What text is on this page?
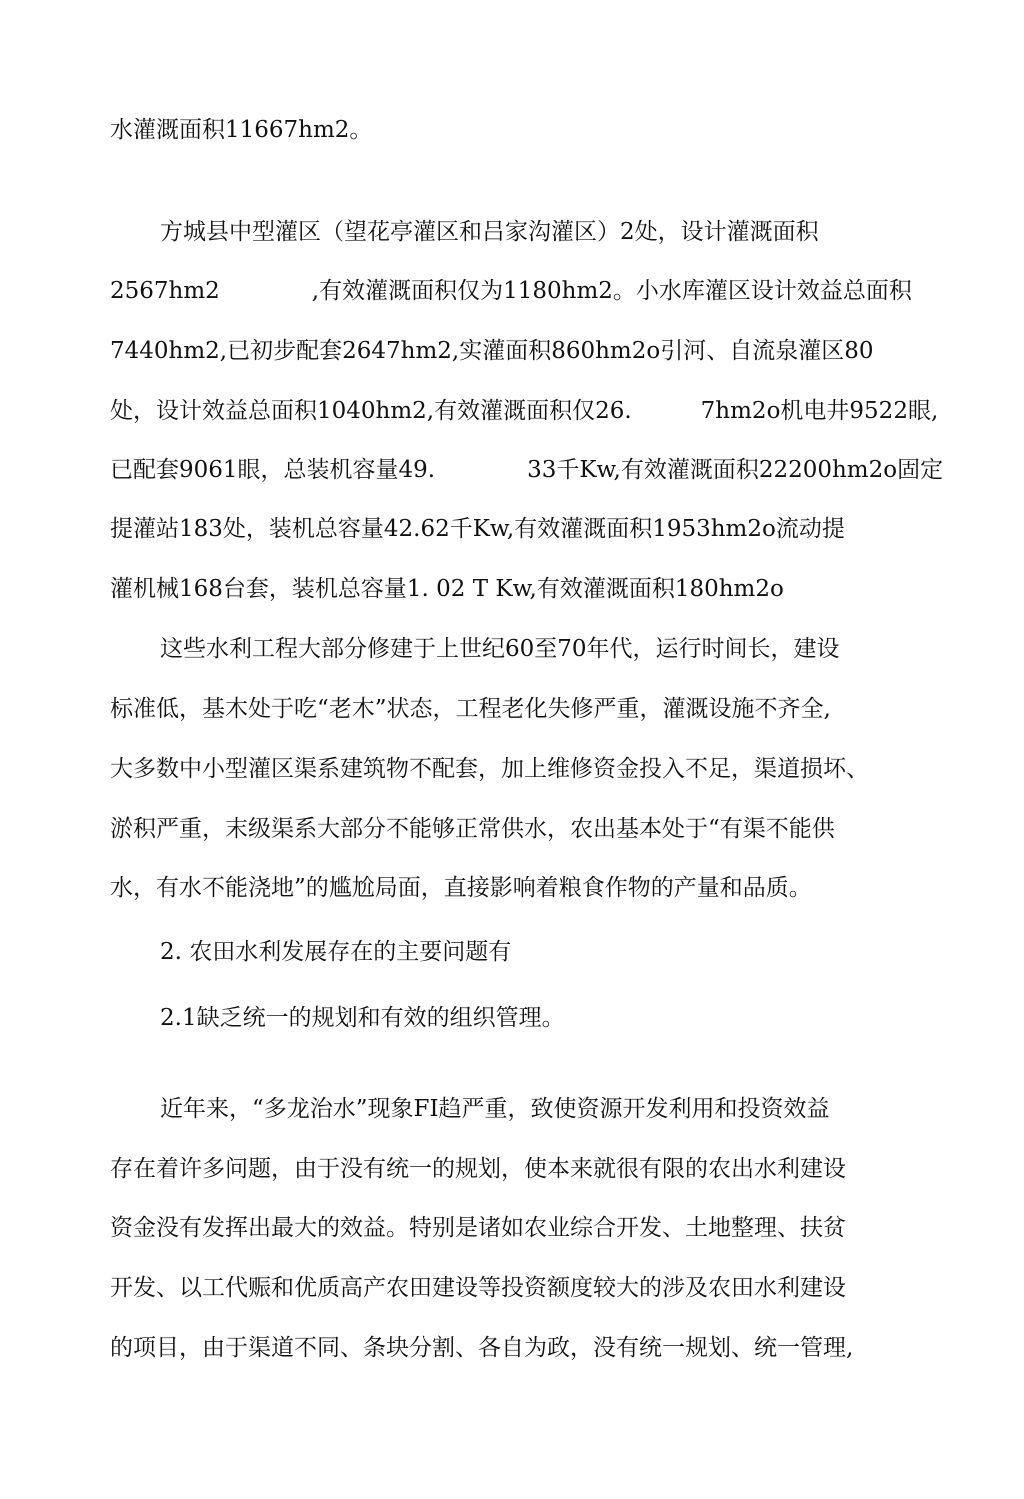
水灌溉面积11667hm2。
方城县中型灌区（望花亭灌区和吕家沟灌区）2处，设计灌溉面积
2567hm2　　　　,有效灌溉面积仅为1180hm2。小水库灌区设计效益总面积
7440hm2,已初步配套2647hm2,实灌面积860hm2o引河、自流泉灌区80
处，设计效益总面积1040hm2,有效灌溉面积仅26.　　　7hm2o机电井9522眼,
已配套9061眼，总装机容量49.　　　　33千Kw,有效灌溉面积22200hm2o固定
提灌站183处，装机总容量42.62千Kw,有效灌溉面积1953hm2o流动提
灌机械168台套，装机总容量1. 02 T Kw,有效灌溉面积180hm2o
这些水利工程大部分修建于上世纪60至70年代，运行时间长，建设
标准低，基木处于吃“老木”状态，工程老化失修严重，灌溉设施不齐全,
大多数中小型灌区渠系建筑物不配套，加上维修资金投入不足，渠道损坏、
淤积严重，末级渠系大部分不能够正常供水，农出基本处于“有渠不能供
水，有水不能浇地”的尴尬局面，直接影响着粮食作物的产量和品质。
2. 农田水利发展存在的主要问题有
2.1缺乏统一的规划和有效的组织管理。
近年来，“多龙治水”现象FI趋严重，致使资源开发利用和投资效益
存在着许多问题，由于没有统一的规划，使本来就很有限的农出水利建设
资金没有发挥出最大的效益。特别是诸如农业综合开发、土地整理、扶贫
开发、以工代赈和优质高产农田建设等投资额度较大的涉及农田水利建设
的项目，由于渠道不同、条块分割、各自为政，没有统一规划、统一管理,
